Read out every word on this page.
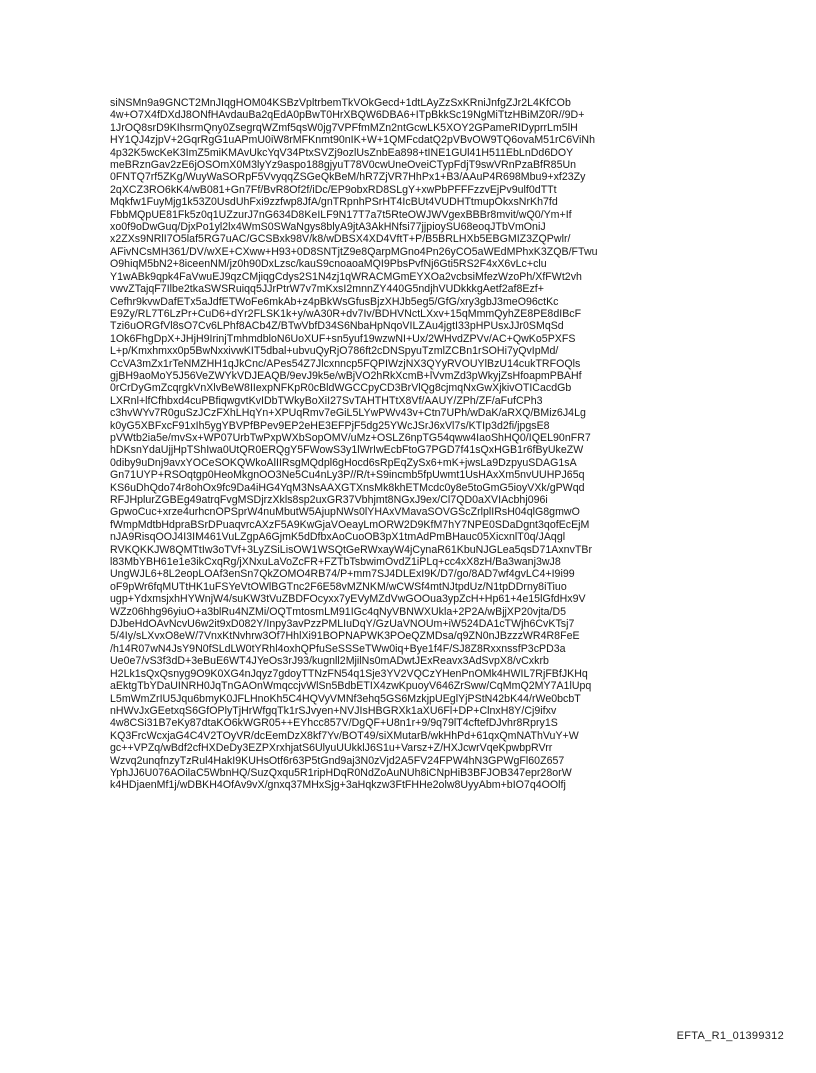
siNSMn9a9GNCT2MnJIqgHOM04KSBzVpltrbemTkVOkGecd+1dtLAyZzSxKRniJnfgZJr2L4KfCOb
4w+O7X4fDXdJ8ONfHAvdauBa2qEdA0pBwT0HrXBQW6DBA6+ITpBkkSc19NgMiTtzHBiMZ0R//9D+
1JrOQ8srD9KIhsrmQny0ZsegrqWZmf5qsW0jg7VPFfmMZn2ntGcwLK5XOY2GPameRIDyprrLm5lH
HY1QJ4zjpV+2GqrRgG1uAPmU0iW8rMFKnmt90nIK+W+1QMFcdatQ2pVBvOW9TQ6ovaM51rC6ViNh
4p32K5wcKeK3ImZ5miKMAvUkcYqV34PtxSVZj9ozlUsZnbEa898+tINE1GUl41H511EbLnDd6DOY
meBRznGav2zE6jOSOmX0M3lyYz9aspo188gjyuT78V0cwUneOveiCTypFdjT9swVRnPzaBfR85Un
0FNTQ7rf5ZKg/WuyWaSORpF5VvyqqZSGeQkBeM/hR7ZjVR7HhPx1+B3/AAuP4R698Mbu9+xf23Zy
2qXCZ3RO6kK4/wB081+Gn7Ff/BvR8Of2f/iDc/EP9obxRD8SLgY+xwPbPFFFzzvEjPv9ulf0dTTt
Mqkfw1FuyMjg1k53Z0UsdUhFxi9zzfwp8JfA/gnTRpnhPSrHT4IcBUt4VUDHTtmupOkxsNrKh7fd
FbbMQpUE81Fk5z0q1UZzurJ7nG634D8KeILF9N17T7a7t5RteOWJWVgexBBBr8mvit/wQ0/Ym+If
xo0f9oDwGuq/DjxPo1yl2lx4WmS0SWaNgys8blyA9jtA3AkHNfsi77jjpioySU68eoqJTbVmOniJ
x2ZXs9NRlI7O5laf5RG7uAC/GCSBxk98V/k8/wDBSX4XD4VftT+P/B5BRLHXb5EBGMIZ3ZQPwlr/
AFivNCsMH361/DV/wXE+CXww+H93+0D8SNTjtZ9e8QarpMGno4Pn26yCO5aWEdMPhxK3ZQB/FTwu
O9hiqM5bN2+8iceenNM/jz0h90DxLzsc/kauS9cnoaoaMQI9PbsPvfNj6Gti5RS2F4xX6vLc+clu
Y1wABk9qpk4FaVwuEJ9qzCMjiqgCdys2S1N4zj1qWRACMGmEYXOa2vcbsiMfezWzoPh/XfFWt2vh
vwvZTajqF7Ilbe2tkaSWSRuiqq5JJrPtrW7v7mKxsI2mnnZY440G5ndjhVUDkkkgAetf2af8Ezf+
Cefhr9kvwDafETx5aJdfETWoFe6mkAb+z4pBkWsGfusBjzXHJb5eg5/GfG/xry3gbJ3meO96ctKc
E9Zy/RL7T6LzPr+CuD6+dYr2FLSK1k+y/wA30R+dv7Iv/BDHVNctLXxv+15qMmmQyhZE8PE8dIBcF
Tzi6uORGfVl8sO7Cv6LPhf8ACb4Z/BTwVbfD34S6NbaHpNqoVILZAu4jgtI33pHPUsxJJr0SMqSd
1Ok6FhgDpX+JHjH9IrinjTmhmdbloN6UoXUF+sn5yuf19wzwNI+Ux/2WHvdZPVv/AC+QwKo5PXFS
L+p/Kmxhmxx0p5BwNxxivwKIT5dbal+ubvuQyRjO786ft2cDNSpyuTzmlZCBn1rSOHi7yQvIpMd/
CcVA3mZx1rTeNMZHH1qJkCnc/APes54Z7Jlcxnncp5FQPIWzjNX3QYyRVOUYlBzU14cukTRFOQls
gjBH9aoMoY5J56VeZWYkVDJEAQB/9evJ9k5e/wBjVO2hRkXcmB+lVvmZd3pWkyjZsHfoapmPBAHf
0rCrDyGmZcqrgkVnXlvBeW8IIexpNFKpR0cBldWGCCpyCD3BrVlQg8cjmqNxGwXjkivOTICacdGb
LXRnl+lfCfhbxd4cuPBfiqwgvtKvIDbTWkyBoXiI27SvTAHTHTtX8Vf/AAUY/ZPh/ZF/aFufCPh3
c3hvWYv7R0guSzJCzFXhLHqYn+XPUqRmv7eGiL5LYwPWv43v+Ctn7UPh/wDaK/aRXQ/BMiz6J4Lg
k0yG5XBFxcF91xIh5ygYBVPfBPev9EP2eHE3EFPjF5dg25YWcJSrJ6xVl7s/KTIp3d2fi/jpgsE8
pVWtb2ia5e/mvSx+WP07UrbTwPxpWXbSopOMV/uMz+OSLZ6npTG54qww4IaoShHQ0/IQEL90nFR7
hDKsnYdaUjjHpTShIwa0UtQR0ERQgY5FWowS3y1lWrIwEcbFtoG7PGD7f41sQxHGB1r6fByUkeZW
0diby9uDnj9avxYOCeSOKQWkoAlIIRsgMQdpl6gHocd6sRpEqZySx6+mK+jwsLa9DzpyuSDAG1sA
Gn71UYP+RSOqtgp0HeoMkgnOO3Ne5Cu4nLy3P//R/t+S9incmb5fpUwmt1UsHAxXm5nvUUHPJ65q
KS6uDhQdo74r8ohOx9fc9Da4iHG4YqM3NsAAXGTXnsMk8khETMcdc0y8e5toGmG5ioyVXk/gPWqd
RFJHplurZGBEg49atrqFvgMSDjrzXkls8sp2uxGR37Vbhjmt8NGxJ9ex/Cl7QD0aXVIAcbhj096i
GpwoCuc+xrze4urhcnOPSprW4nuMbutW5AjupNWs0lYHAxVMavaSOVGScZrlplIRsH04qlG8gmwO
fWmpMdtbHdpraBSrDPuaqvrcAXzF5A9KwGjaVOeayLmORW2D9KfM7hY7NPE0SDaDgnt3qofEcEjM
nJA9RisqOOJ4I3IM461VuLZgpA6GjmK5dDfbxAoCuoOB3pX1tmAdPmBHauc05XicxnlT0q/JAqgl
RVKQKKJW8QMTtIw3oTVf+3LyZSiLisOW1WSQtGeRWxayW4jCynaR61KbuNJGLea5qsD71AxnvTBr
l83MbYBH61e1e3ikCxqRg/jXNxuLaVoZcFR+FZTbTsbwimOvdZ1iPLq+cc4xX8zH/Ba3wanj3wJ8
UngWJL6+8L2eopLOAf3enSn7QkZOMO4RB74/P+mm7SJ4DLExI9K/D7/go/8AD7wf4gvLC4+I9i99
oF9pWr6fqMUTtHK1uFSYeVtOWlBGTnc2F6E58vMZNKM/wCWSf4mtNJtpdUz/N1tpDDrny8iTiuo
ugp+YdxmsjxhHYWnjW4/suKW3tVuZBDFOcyxx7yEVyMZdVwGOOua3ypZcH+Hp61+4e15lGfdHx9V
WZz06hhg96yiuO+a3blRu4NZMi/OQTmtosmLM91IGc4qNyVBNWXUkla+2P2A/wBjjXP20vjta/D5
DJbeHdOAvNcvU6w2it9xD082Y/Inpy3avPzzPMLIuDqY/GzUaVNOUm+iW524DA1cTWjh6CvKTsj7
5/4Iy/sLXvxO8eW/7VnxKtNvhrw3Of7HhlXi91BOPNAPWK3POeQZMDsa/q9ZN0nJBzzzWR4R8FeE
/h14R07wN4JsY9N0fSLdLW0tYRhl4oxhQPfuSeSSSeTWw0iq+Bye1f4F/SJ8Z8RxxnssfP3cPD3a
Ue0e7/vS3f3dD+3eBuE6WT4JYeOs3rJ93/kugnll2MjilNs0mADwtJExReavx3AdSvpX8/vCxkrb
H2Lk1sQxQsnyg9O9K0XG4nJqyz7gdoyTTNzFN54q1Sje3YV2VQCzYHenPnOMk4HWIL7RjFBfJKHq
aEktgTbYDaUINRH0JqTnGAOnWmqccjvWlSn5BdbETIX4zwKpuoyV646ZrSww/CqMmQ2MY7A1lUpq
L5mWmZrIU5Jqu6bmyK0JFLHnoKh5C4HQVyVMNf3ehq5GS6MzkjpUEglYjPStN42bK44/rWe0bcbT
nHWvJxGEetxqS6GfOPlyTjHrWfgqTk1rSJvyen+NVJIsHBGRXk1aXU6Fl+DP+ClnxH8Y/Cj9ifxv
4w8CSi31B7eKy87dtaKO6kWGR05++EYhcc857V/DgQF+U8n1r+9/9q79lT4cftefDJvhr8Rpry1S
KQ3FrcWcxjaG4C4V2TOyVR/dcEemDzX8kf7Yv/BOT49/siXMutarB/wkHhPd+61qxQmNAThVuY+W
gc++VPZq/wBdf2cfHXDeDy3EZPXrxhjatS6UlyuUUkklJ6S1u+Varsz+Z/HXJcwrVqeKpwbpRVrr
Wzvq2unqfnzyTzRul4HakI9KUHsOtf6r63P5tGnd9aj3N0zVjd2A5FV24FPW4hN3GPWgFl60Z657
YphJJ6U076AOilaC5WbnHQ/SuzQxqu5R1ripHDqR0NdZoAuNUh8iCNpHiB3BFJOB347epr28orW
k4HDjaenMf1j/wDBKH4OfAv9vX/gnxq37MHxSjg+3aHqkzw3FtFHHe2olw8UyyAbm+bIO7q4OOlfj
EFTA_R1_01399312
